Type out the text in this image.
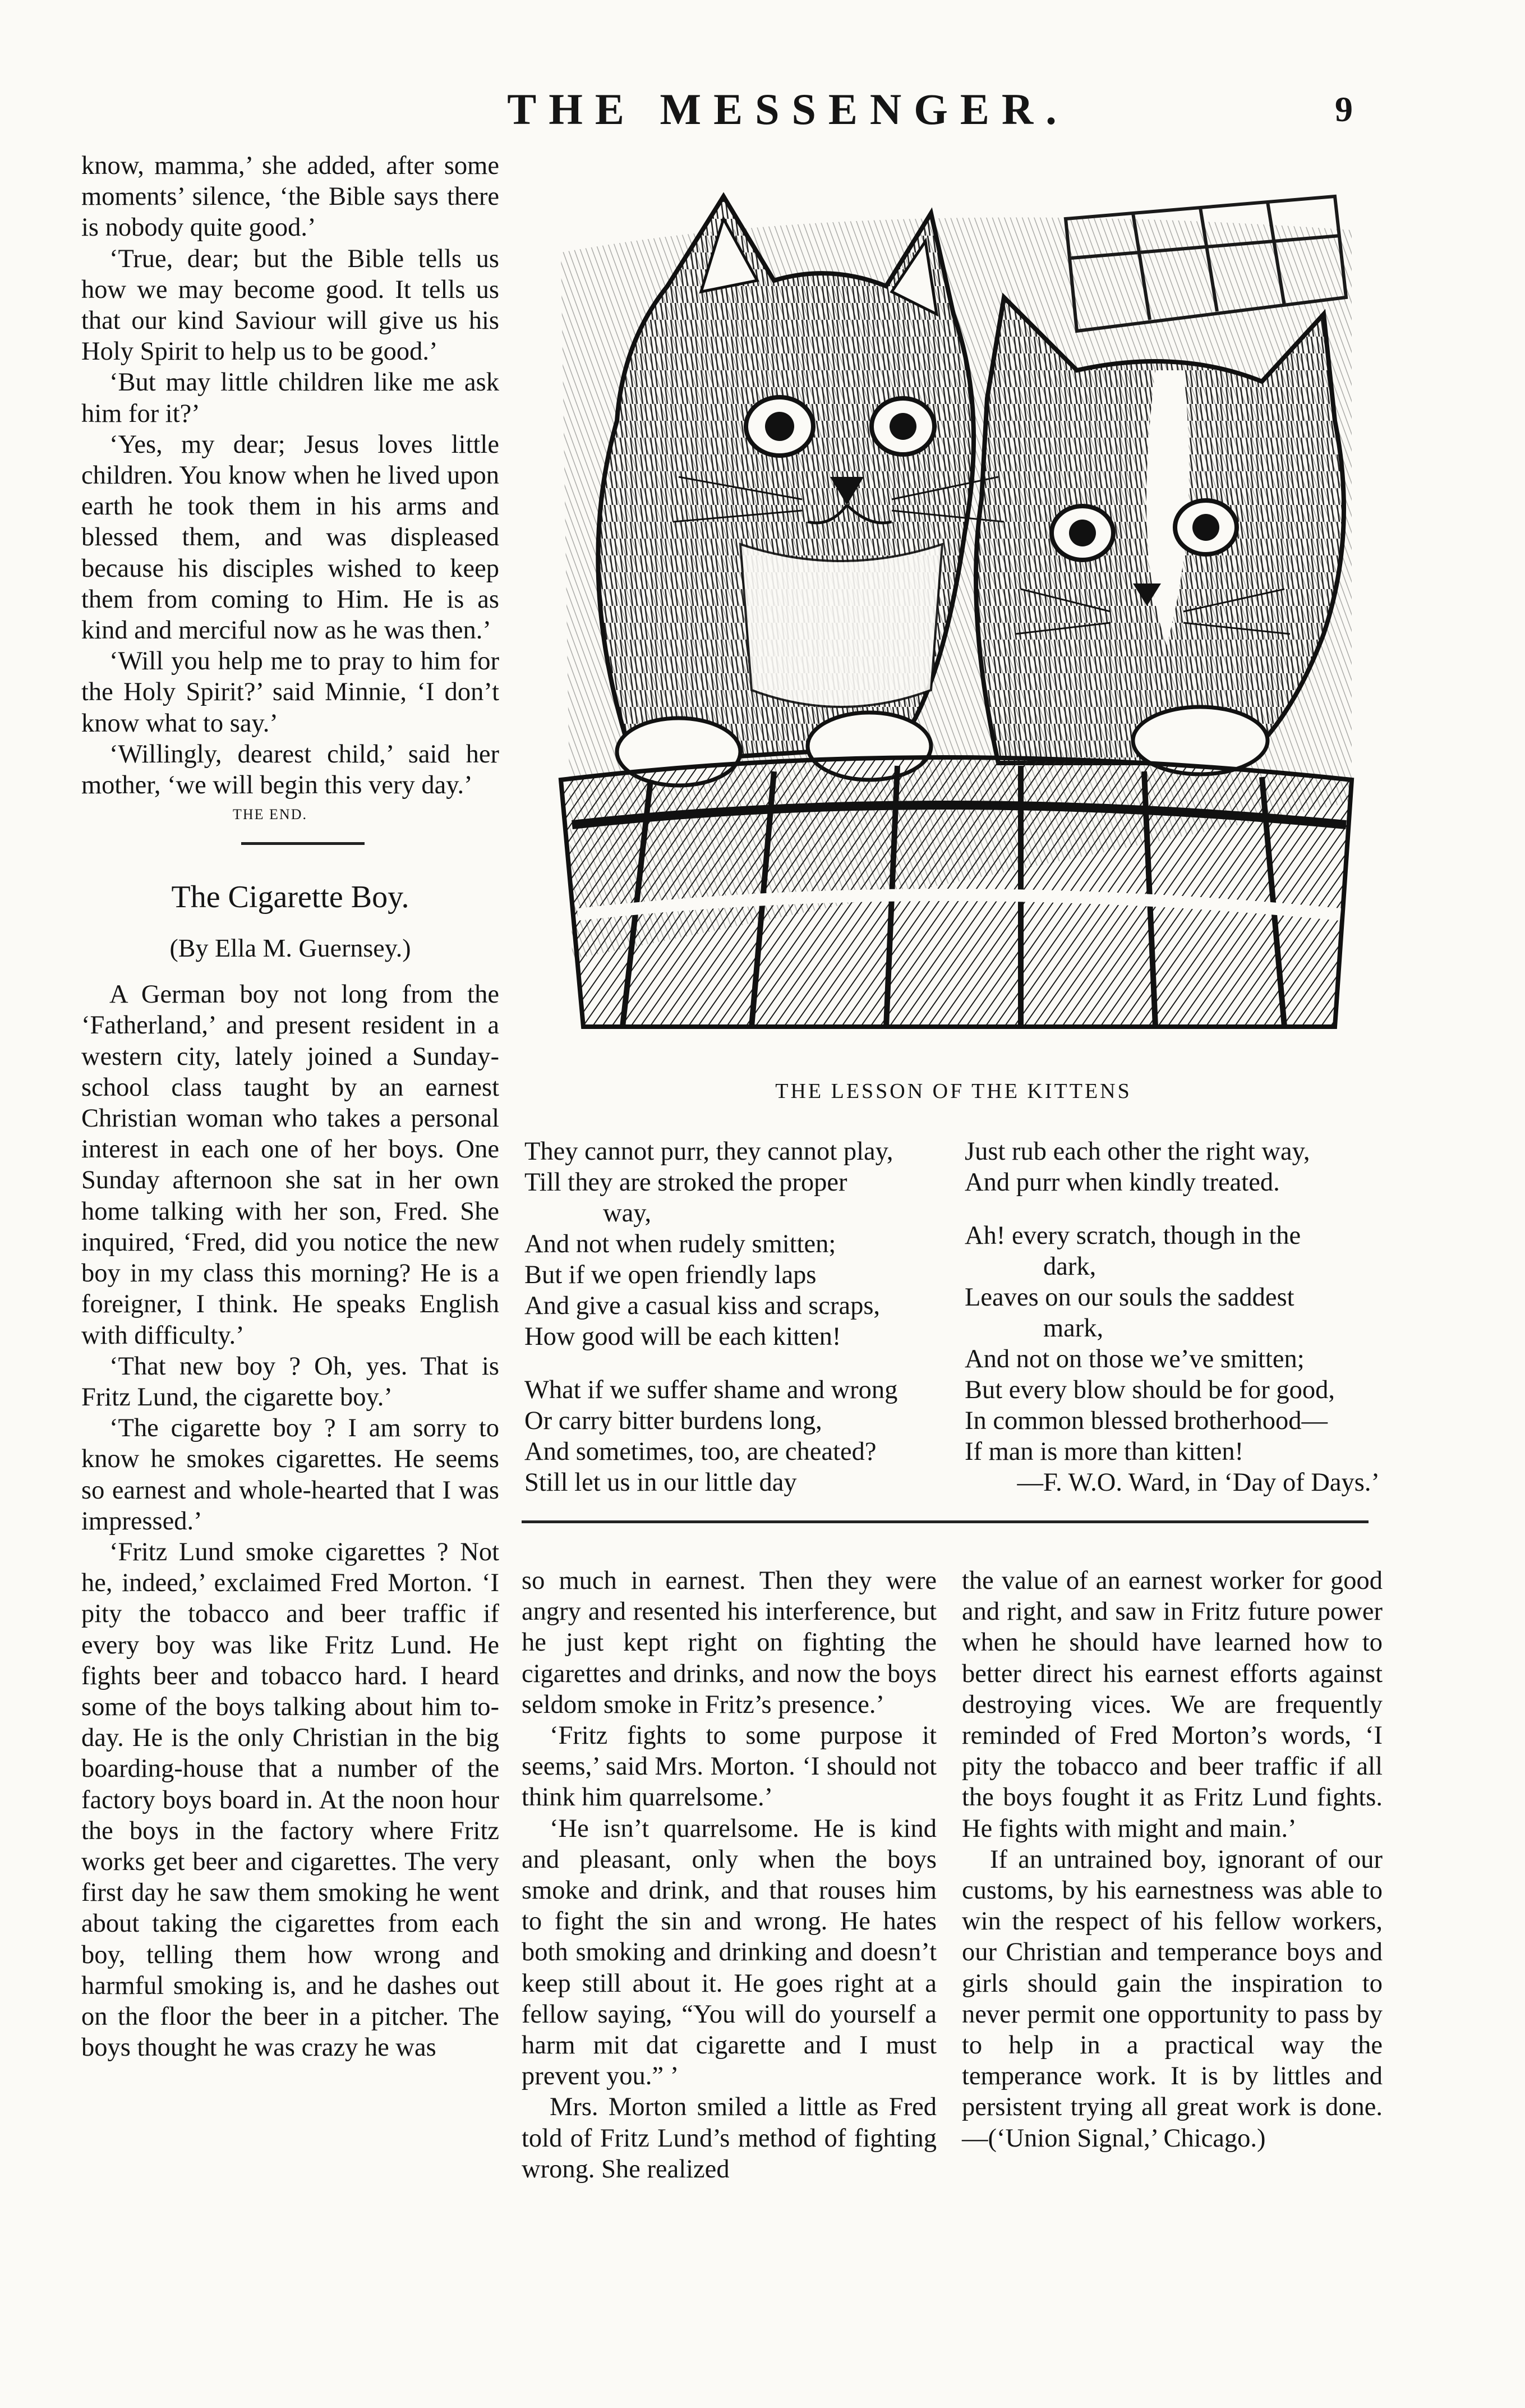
THE MESSENGER.	9

know, mamma,’ she added, after some moments’ silence, ‘the Bible says there is nobody quite good.’

‘True, dear; but the Bible tells us how we may become good. It tells us that our kind Saviour will give us his Holy Spirit to help us to be good.’

‘But may little children like me ask him for it?’

‘Yes, my dear; Jesus loves little children. You know when he lived upon earth he took them in his arms and blessed them, and was displeased because his disciples wished to keep them from coming to Him. He is as kind and merciful now as he was then.’

‘Will you help me to pray to him for the Holy Spirit?’ said Minnie, ‘I don’t know what to say.’

‘Willingly, dearest child,’ said her mother, ‘we will begin this very day.’

THE END.
The Cigarette Boy.
(By Ella M. Guernsey.)

A German boy not long from the ‘Fatherland,’ and present resident in a western city, lately joined a Sunday-school class taught by an earnest Christian woman who takes a personal interest in each one of her boys. One Sunday afternoon she sat in her own home talking with her son, Fred. She inquired, ‘Fred, did you notice the new boy in my class this morning? He is a foreigner, I think. He speaks English with difficulty.’

‘That new boy ? Oh, yes. That is Fritz Lund, the cigarette boy.’

‘The cigarette boy ? I am sorry to know he smokes cigarettes. He seems so earnest and whole-hearted that I was impressed.’

‘Fritz Lund smoke cigarettes ? Not he, indeed,’ exclaimed Fred Morton. ‘I pity the tobacco and beer traffic if every boy was like Fritz Lund. He fights beer and tobacco hard. I heard some of the boys talking about him to-day. He is the only Christian in the big boarding-house that a number of the factory boys board in. At the noon hour the boys in the factory where Fritz works get beer and cigarettes. The very first day he saw them smoking he went about taking the cigarettes from each boy, telling them how wrong and harmful smoking is, and he dashes out on the floor the beer in a pitcher. The boys thought he was crazy he was

THE LESSON OF THE KITTENS
They cannot purr, they cannot play,
Till they are stroked the proper
way,
And not when rudely smitten;
But if we open friendly laps
And give a casual kiss and scraps,
How good will be each kitten!
What if we suffer shame and wrong
Or carry bitter burdens long,
And sometimes, too, are cheated?
Still let us in our little day
Just rub each other the right way,
And purr when kindly treated.
Ah! every scratch, though in the
dark,
Leaves on our souls the saddest
mark,
And not on those we’ve smitten;
But every blow should be for good,
In common blessed brotherhood—
If man is more than kitten!
—F. W.O. Ward, in ‘Day of Days.’

so much in earnest. Then they were angry and resented his interference, but he just kept right on fighting the cigarettes and drinks, and now the boys seldom smoke in Fritz’s presence.’

‘Fritz fights to some purpose it seems,’ said Mrs. Morton. ‘I should not think him quarrelsome.’

‘He isn’t quarrelsome. He is kind and pleasant, only when the boys smoke and drink, and that rouses him to fight the sin and wrong. He hates both smoking and drinking and doesn’t keep still about it. He goes right at a fellow saying, “You will do yourself a harm mit dat cigarette and I must prevent you.” ’

Mrs. Morton smiled a little as Fred told of Fritz Lund’s method of fighting wrong. She realized

the value of an earnest worker for good and right, and saw in Fritz future power when he should have learned how to better direct his earnest efforts against destroying vices. We are frequently reminded of Fred Morton’s words, ‘I pity the tobacco and beer traffic if all the boys fought it as Fritz Lund fights. He fights with might and main.’

If an untrained boy, ignorant of our customs, by his earnestness was able to win the respect of his fellow workers, our Christian and temperance boys and girls should gain the inspiration to never permit one opportunity to pass by to help in a practical way the temperance work. It is by littles and persistent trying all great work is done.—(‘Union Signal,’ Chicago.)
